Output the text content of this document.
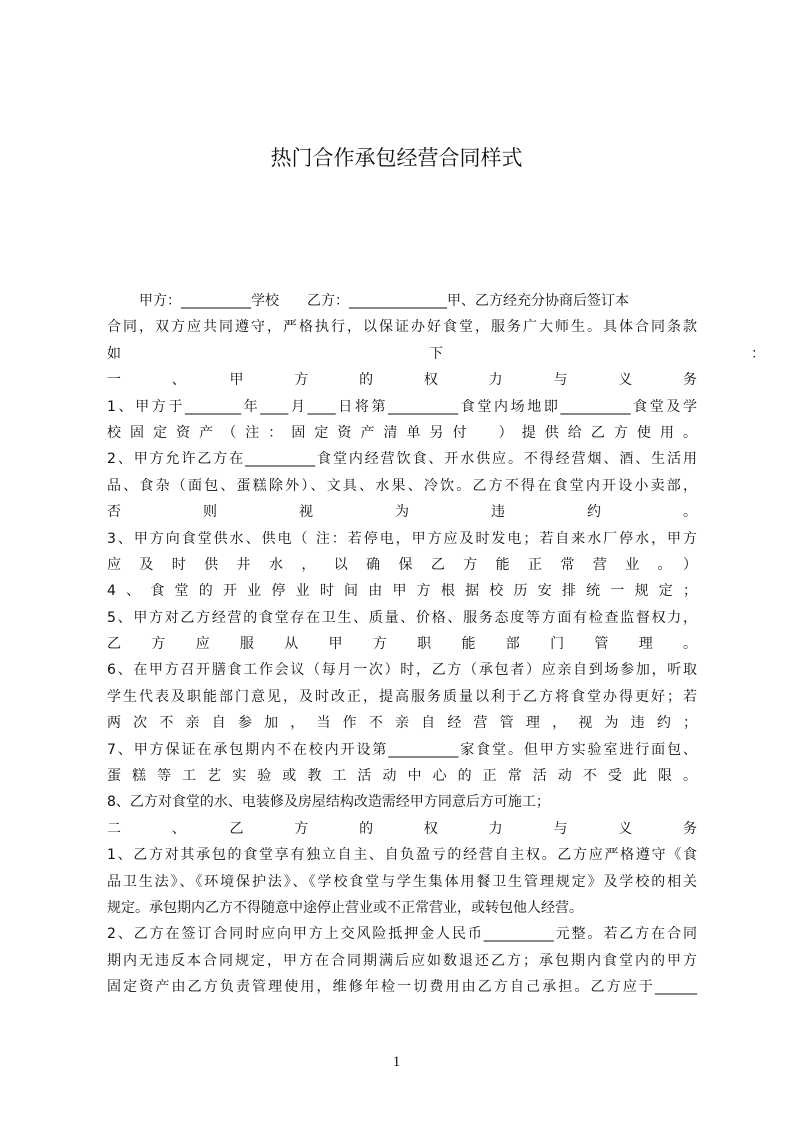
热门合作承包经营合同样式
甲方：__________学校　　乙方：______________甲、乙方经充分协商后签订本
合同，双方应共同遵守，严格执行，以保证办好食堂，服务广大师生。具体合同条款
如　　　　　　　　　　　　　　　　　　　　　　下　　　　　　　　　　　　　　　　　　　　　　：
一　　　、　　　甲　　　方　　　的　　　权　　　力　　　与　　　义　　　务
1、甲方于________年____月____日将第__________食堂内场地即__________食堂及学
校固定资产（注：固定资产清单另付　）提供给乙方使用。
2、甲方允许乙方在__________食堂内经营饮食、开水供应。不得经营烟、酒、生活用
品、食杂（面包、蛋糕除外）、文具、水果、冷饮。乙方不得在食堂内开设小卖部，
否　　　　　则　　　　　视　　　　　为　　　　　违　　　　　约　　　　　。
3、甲方向食堂供水、供电（ 注：若停电，甲方应及时发电；若自来水厂停水，甲方
应及时供井水，以确保乙方能正常营业。）
4、食堂的开业停业时间由甲方根据校历安排统一规定；
5、甲方对乙方经营的食堂存在卫生、质量、价格、服务态度等方面有检查监督权力，
乙　　方　　应　　服　　从　　甲　　方　　职　　能　　部　　门　　管　　理　　。
6、在甲方召开膳食工作会议（每月一次）时，乙方（承包者）应亲自到场参加，听取
学生代表及职能部门意见，及时改正，提高服务质量以利于乙方将食堂办得更好；若
两次不亲自参加，当作不亲自经营管理，视为违约；
7、甲方保证在承包期内不在校内开设第__________家食堂。但甲方实验室进行面包、
蛋糕等工艺实验或教工活动中心的正常活动不受此限。
8、乙方对食堂的水、电装修及房屋结构改造需经甲方同意后方可施工；
二　　　、　　　乙　　　方　　　的　　　权　　　力　　　与　　　义　　　务
1、乙方对其承包的食堂享有独立自主、自负盈亏的经营自主权。乙方应严格遵守《食
品卫生法》、《环境保护法》、《学校食堂与学生集体用餐卫生管理规定》及学校的相关
规定。承包期内乙方不得随意中途停止营业或不正常营业，或转包他人经营。
2、乙方在签订合同时应向甲方上交风险抵押金人民币__________元整。若乙方在合同
期内无违反本合同规定，甲方在合同期满后应如数退还乙方；承包期内食堂内的甲方
固定资产由乙方负责管理使用，维修年检一切费用由乙方自己承担。乙方应于______
1
